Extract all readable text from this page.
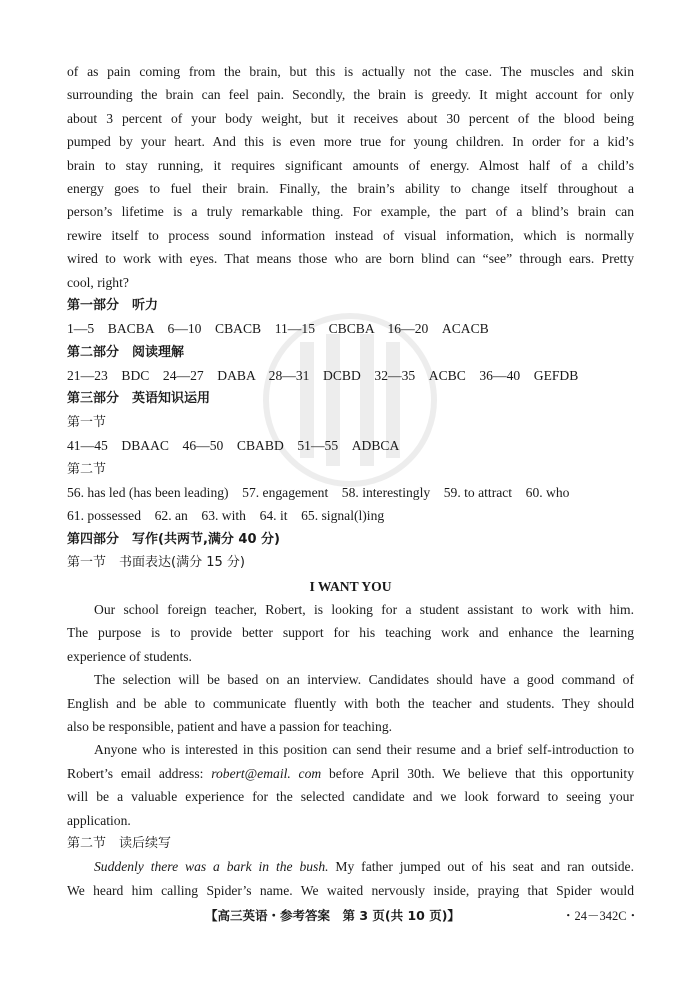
of as pain coming from the brain, but this is actually not the case. The muscles and skin
surrounding the brain can feel pain. Secondly, the brain is greedy. It might account for only
about 3 percent of your body weight, but it receives about 30 percent of the blood being
pumped by your heart. And this is even more true for young children. In order for a kid’s
brain to stay running, it requires significant amounts of energy. Almost half of a child’s
energy goes to fuel their brain. Finally, the brain’s ability to change itself throughout a
person’s lifetime is a truly remarkable thing. For example, the part of a blind’s brain can
rewire itself to process sound information instead of visual information, which is normally
wired to work with eyes. That means those who are born blind can “see” through ears. Pretty
cool, right?
第一部分　听力
1—5　BACBA　6—10　CBACB　11—15　CBCBA　16—20　ACACB
第二部分　阅读理解
21—23　BDC　24—27　DABA　28—31　DCBD　32—35　ACBC　36—40　GEFDB
第三部分　英语知识运用
第一节
41—45　DBAAC　46—50　CBABD　51—55　ADBCA
第二节
56. has led (has been leading)　57. engagement　58. interestingly　59. to attract　60. who
61. possessed　62. an　63. with　64. it　65. signal(l)ing
第四部分　写作(共两节,满分 40 分)
第一节　书面表达(满分 15 分)
I WANT YOU
Our school foreign teacher, Robert, is looking for a student assistant to work with him.
The purpose is to provide better support for his teaching work and enhance the learning
experience of students.
The selection will be based on an interview. Candidates should have a good command of
English and be able to communicate fluently with both the teacher and students. They should
also be responsible, patient and have a passion for teaching.
Anyone who is interested in this position can send their resume and a brief self-introduction to
Robert’s email address: robert@email. com before April 30th. We believe that this opportunity
will be a valuable experience for the selected candidate and we look forward to seeing your
application.
第二节　读后续写
Suddenly there was a bark in the bush. My father jumped out of his seat and ran outside.
We heard him calling Spider’s name. We waited nervously inside, praying that Spider would
【高三英语・参考答案　第 3 页(共 10 页)】	・24－342C・
